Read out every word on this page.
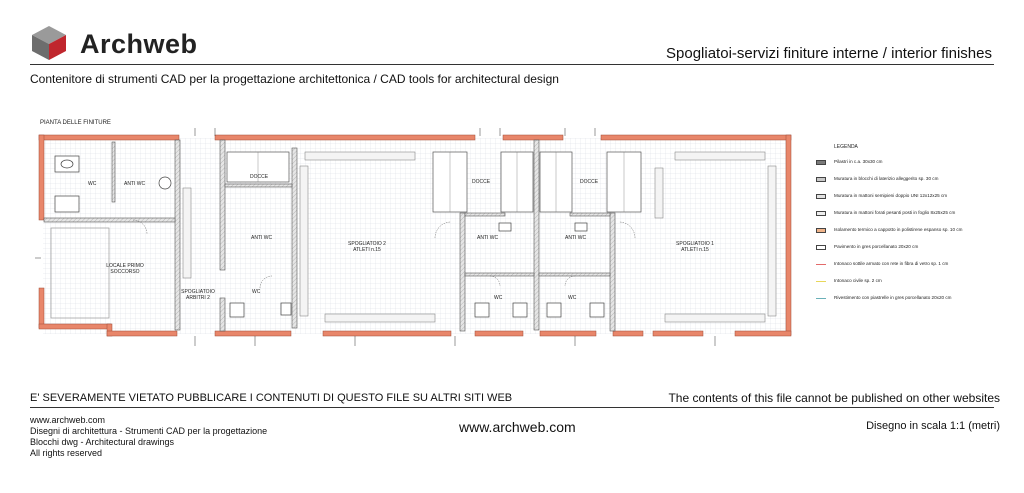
Archweb	Spogliatoi-servizi finiture interne / interior finishes
Contenitore di strumenti CAD per la progettazione architettonica / CAD tools for architectural design
PIANTA DELLE FINITURE
WC	ANTI WC
LOCALE PRIMO SOCCORSO
DOCCE
ANTI WC
SPOGLIATOIO ARBITRI 2
WC
SPOGLIATOIO 2 ATLETI n.15
DOCCE
ANTI WC
WC
ANTI WC
WC
DOCCE
SPOGLIATOIO 1 ATLETI n.15
LEGENDA
Pilastri in c.a. 30x30 cm
Muratura in blocchi di laterizio alleggerito sp. 30 cm
Muratura in mattoni semipieni doppio UNI 12x12x25 cm
Muratura in mattoni forati pesanti posti in foglio 8x25x25 cm
Isolamento termico a cappotto in polistirene espanso sp. 10 cm
Pavimento in gres porcellanato 20x20 cm
Intonaco sottile armato con rete in fibra di vetro sp. 1 cm
Intonaco civile sp. 2 cm
Rivestimento con piastrelle in gres porcellanato 20x20 cm
E' SEVERAMENTE VIETATO PUBBLICARE I CONTENUTI DI QUESTO FILE SU ALTRI SITI WEB	The contents of this file cannot be published on other websites
www.archweb.com
Disegni di architettura - Strumenti CAD per la progettazione
Blocchi dwg - Architectural drawings
All rights reserved
www.archweb.com	Disegno in scala 1:1 (metri)
